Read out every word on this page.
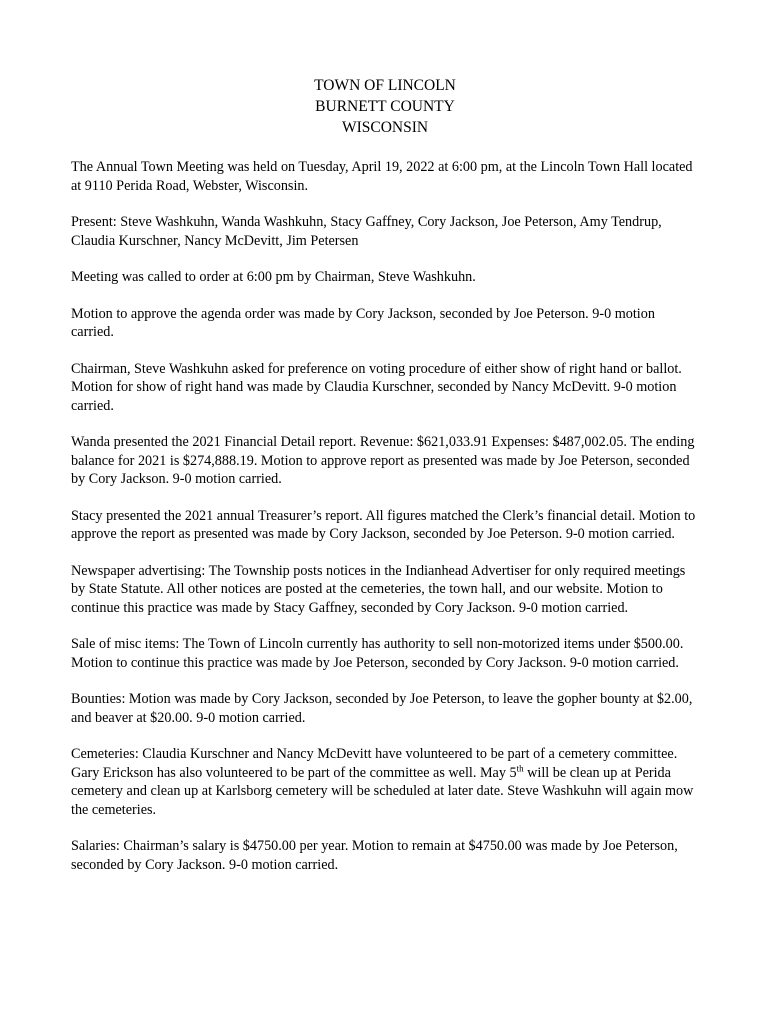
TOWN OF LINCOLN
BURNETT COUNTY
WISCONSIN

The Annual Town Meeting was held on Tuesday, April 19, 2022 at 6:00 pm, at the Lincoln Town Hall located at 9110 Perida Road, Webster, Wisconsin.

Present: Steve Washkuhn, Wanda Washkuhn, Stacy Gaffney, Cory Jackson, Joe Peterson, Amy Tendrup, Claudia Kurschner, Nancy McDevitt, Jim Petersen

Meeting was called to order at 6:00 pm by Chairman, Steve Washkuhn.

Motion to approve the agenda order was made by Cory Jackson, seconded by Joe Peterson. 9-0 motion carried.

Chairman, Steve Washkuhn asked for preference on voting procedure of either show of right hand or ballot. Motion for show of right hand was made by Claudia Kurschner, seconded by Nancy McDevitt. 9-0 motion carried.

Wanda presented the 2021 Financial Detail report. Revenue: $621,033.91 Expenses: $487,002.05. The ending balance for 2021 is $274,888.19. Motion to approve report as presented was made by Joe Peterson, seconded by Cory Jackson. 9-0 motion carried.

Stacy presented the 2021 annual Treasurer’s report. All figures matched the Clerk’s financial detail. Motion to approve the report as presented was made by Cory Jackson, seconded by Joe Peterson. 9-0 motion carried.

Newspaper advertising: The Township posts notices in the Indianhead Advertiser for only required meetings by State Statute. All other notices are posted at the cemeteries, the town hall, and our website. Motion to continue this practice was made by Stacy Gaffney, seconded by Cory Jackson. 9-0 motion carried.

Sale of misc items: The Town of Lincoln currently has authority to sell non-motorized items under $500.00. Motion to continue this practice was made by Joe Peterson, seconded by Cory Jackson. 9-0 motion carried.

Bounties: Motion was made by Cory Jackson, seconded by Joe Peterson, to leave the gopher bounty at $2.00, and beaver at $20.00. 9-0 motion carried.

Cemeteries: Claudia Kurschner and Nancy McDevitt have volunteered to be part of a cemetery committee. Gary Erickson has also volunteered to be part of the committee as well. May 5th will be clean up at Perida cemetery and clean up at Karlsborg cemetery will be scheduled at later date. Steve Washkuhn will again mow the cemeteries.

Salaries: Chairman’s salary is $4750.00 per year. Motion to remain at $4750.00 was made by Joe Peterson, seconded by Cory Jackson. 9-0 motion carried.
